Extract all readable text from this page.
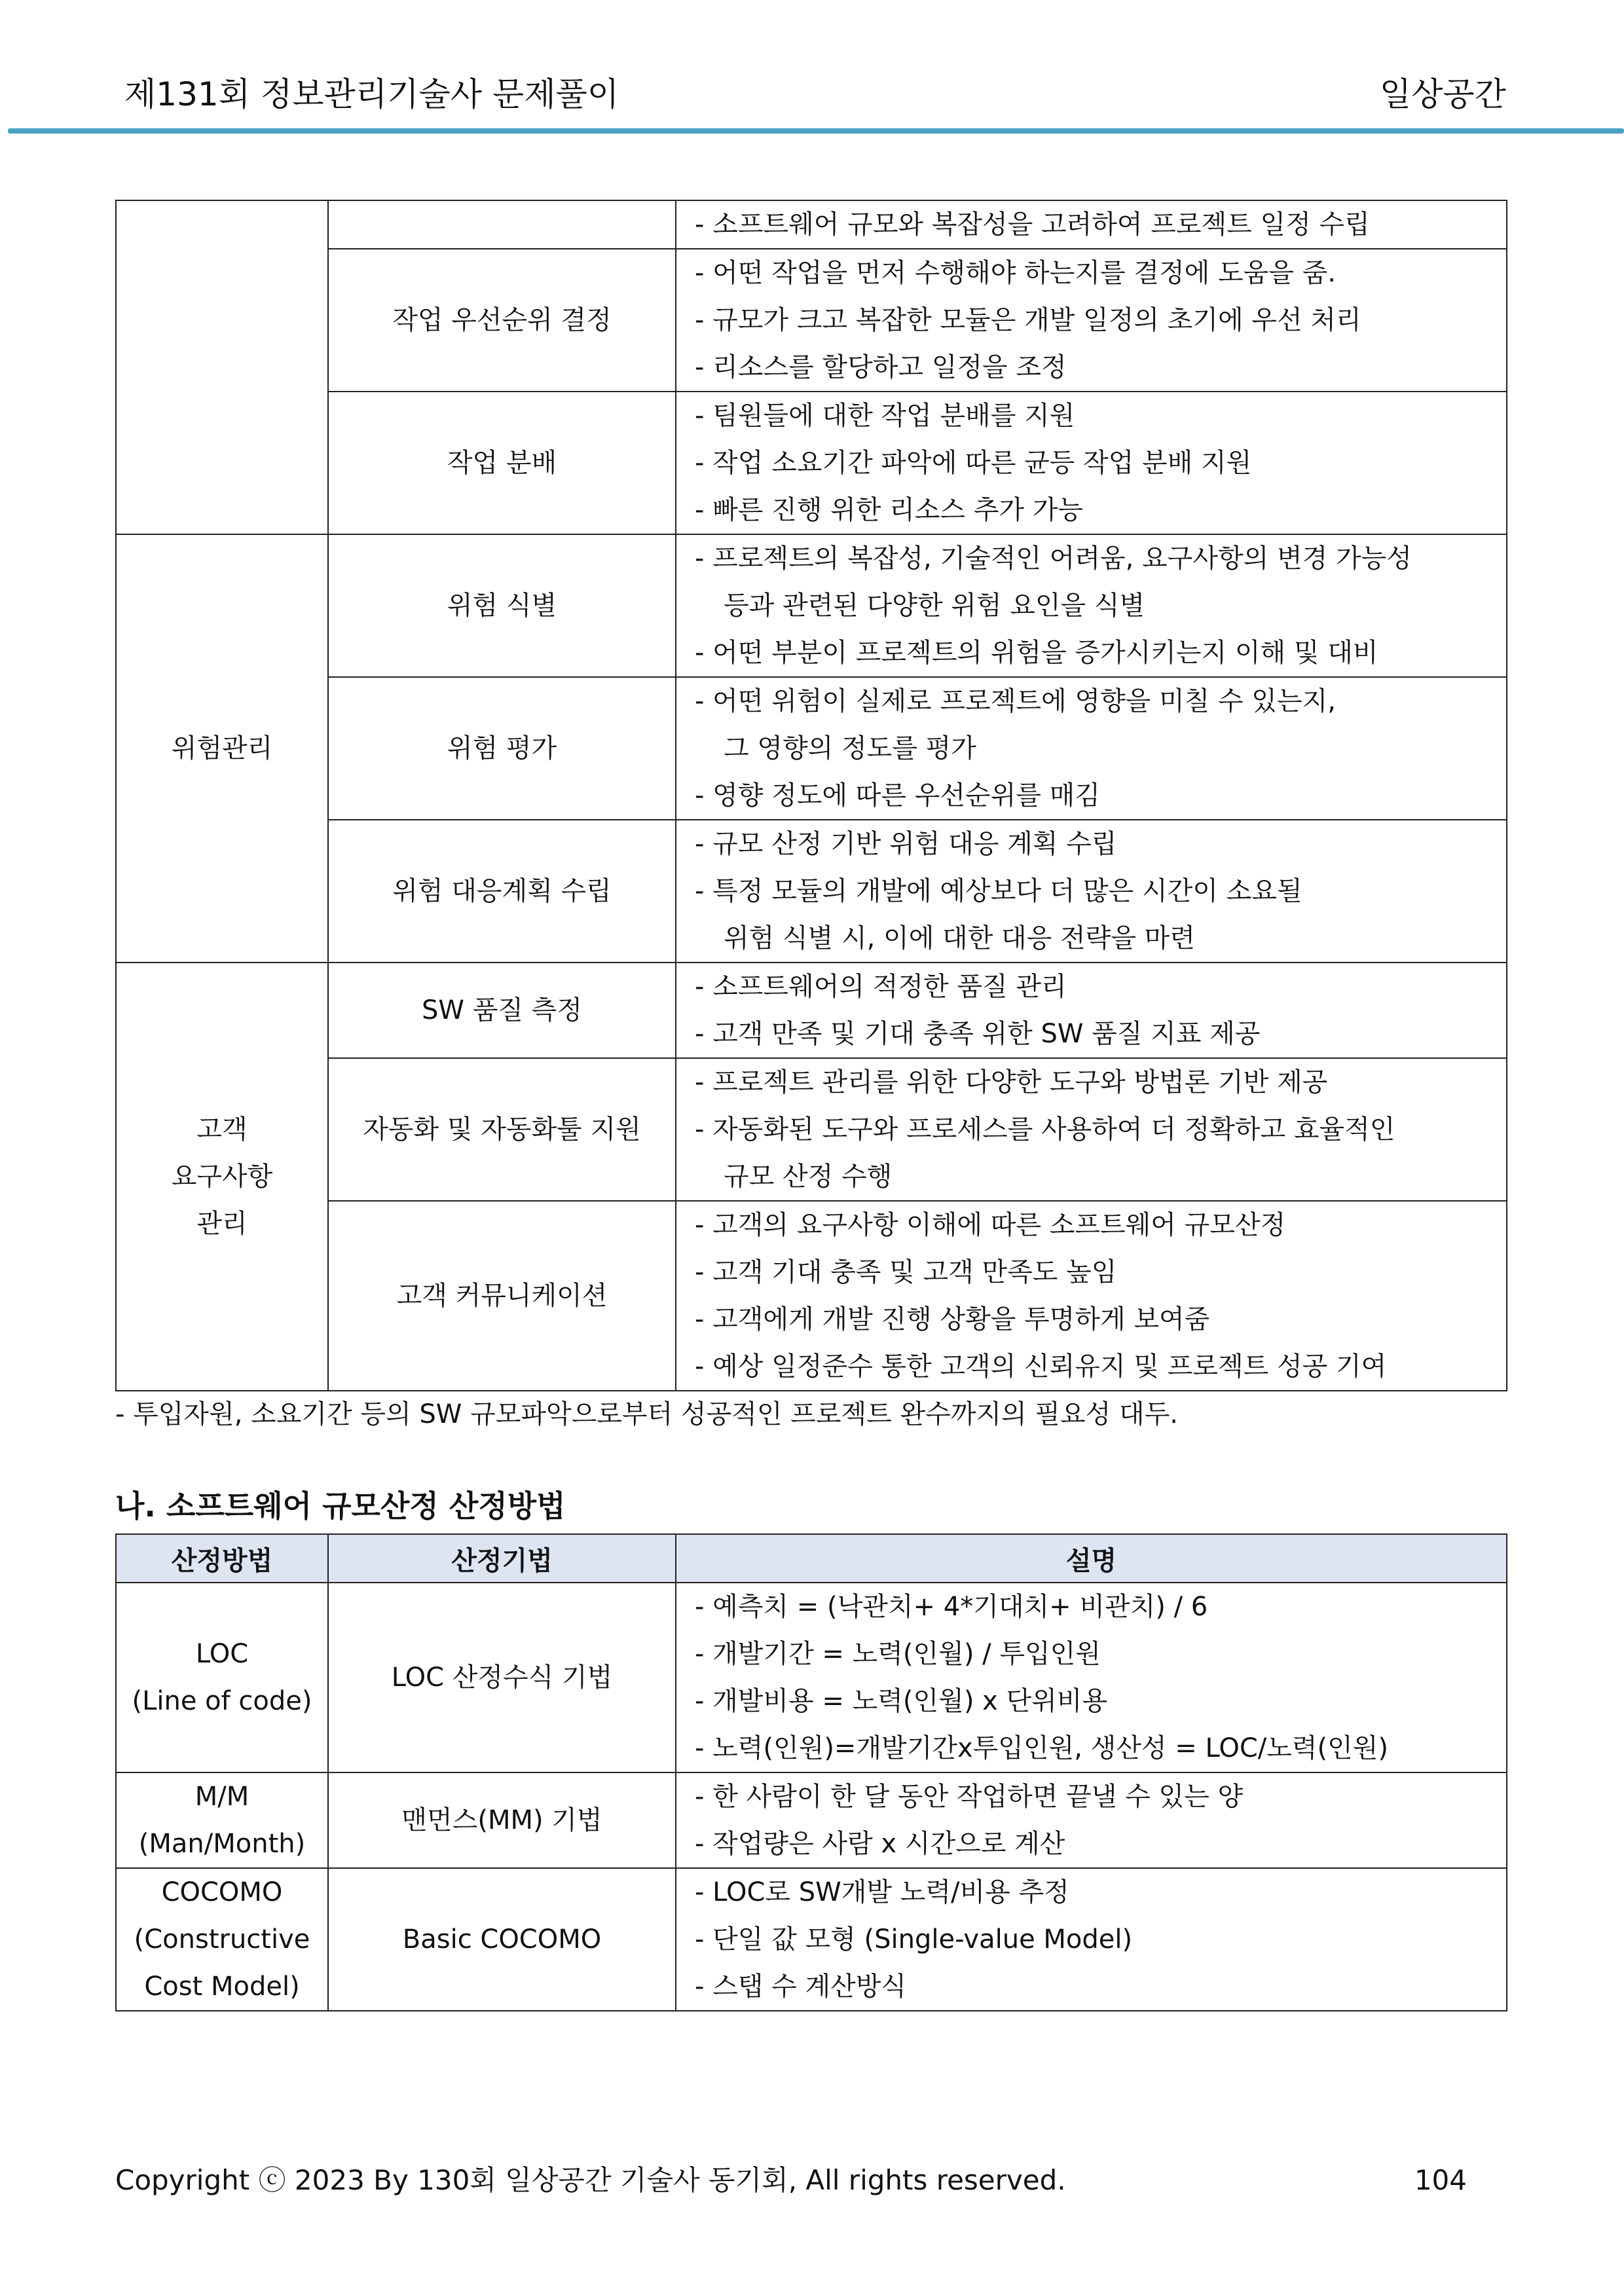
제131회 정보관리기술사 문제풀이	일상공간

		- 소프트웨어 규모와 복잡성을 고려하여 프로젝트 일정 수립

	작업 우선순위 결정	- 어떤 작업을 먼저 수행해야 하는지를 결정에 도움을 줌.
- 규모가 크고 복잡한 모듈은 개발 일정의 초기에 우선 처리
- 리소스를 할당하고 일정을 조정

	작업 분배	- 팀원들에 대한 작업 분배를 지원
- 작업 소요기간 파악에 따른 균등 작업 분배 지원
- 빠른 진행 위한 리소스 추가 가능

위험관리	위험 식별	- 프로젝트의 복잡성, 기술적인 어려움, 요구사항의 변경 가능성
등과 관련된 다양한 위험 요인을 식별
- 어떤 부분이 프로젝트의 위험을 증가시키는지 이해 및 대비

	위험 평가	- 어떤 위험이 실제로 프로젝트에 영향을 미칠 수 있는지,
그 영향의 정도를 평가
- 영향 정도에 따른 우선순위를 매김

	위험 대응계획 수립	- 규모 산정 기반 위험 대응 계획 수립
- 특정 모듈의 개발에 예상보다 더 많은 시간이 소요될
위험 식별 시, 이에 대한 대응 전략을 마련

고객
요구사항
관리	SW 품질 측정	- 소프트웨어의 적정한 품질 관리
- 고객 만족 및 기대 충족 위한 SW 품질 지표 제공

	자동화 및 자동화툴 지원	- 프로젝트 관리를 위한 다양한 도구와 방법론 기반 제공
- 자동화된 도구와 프로세스를 사용하여 더 정확하고 효율적인
규모 산정 수행

	고객 커뮤니케이션	- 고객의 요구사항 이해에 따른 소프트웨어 규모산정
- 고객 기대 충족 및 고객 만족도 높임
- 고객에게 개발 진행 상황을 투명하게 보여줌
- 예상 일정준수 통한 고객의 신뢰유지 및 프로젝트 성공 기여
- 투입자원, 소요기간 등의 SW 규모파악으로부터 성공적인 프로젝트 완수까지의 필요성 대두.
나. 소프트웨어 규모산정 산정방법
산정방법	산정기법	설명
LOC
(Line of code)	LOC 산정수식 기법	- 예측치 = (낙관치+ 4*기대치+ 비관치) / 6
- 개발기간 = 노력(인월) / 투입인원
- 개발비용 = 노력(인월) x 단위비용
- 노력(인원)=개발기간x투입인원, 생산성 = LOC/노력(인원)

M/M
(Man/Month)	맨먼스(MM) 기법	- 한 사람이 한 달 동안 작업하면 끝낼 수 있는 양
- 작업량은 사람 x 시간으로 계산

COCOMO
(Constructive
Cost Model)	Basic COCOMO	- LOC로 SW개발 노력/비용 추정
- 단일 값 모형 (Single-value Model)
- 스탭 수 계산방식
Copyright ⓒ 2023 By 130회 일상공간 기술사 동기회, All rights reserved.	104
